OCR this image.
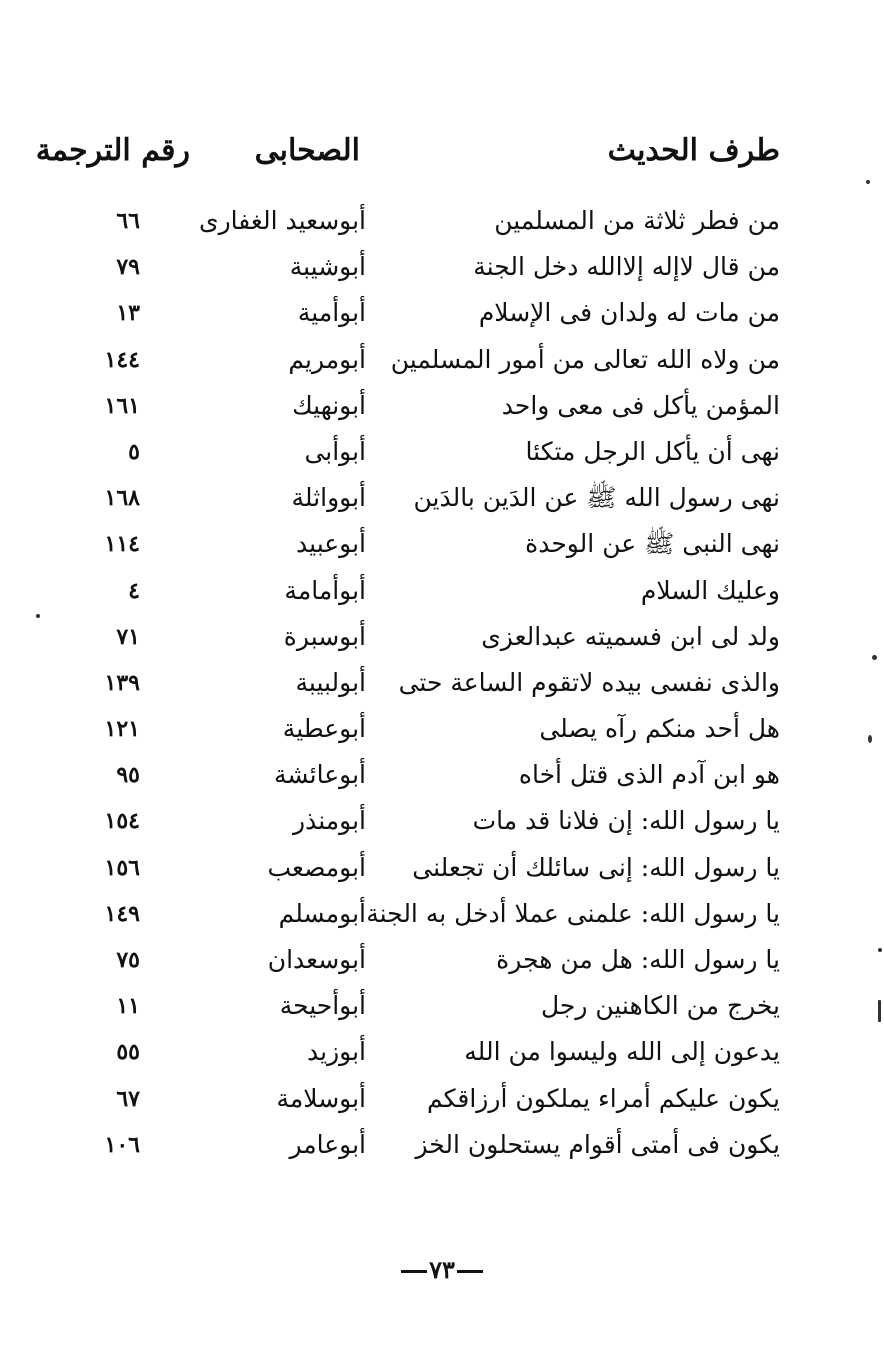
طرف الحديث
الصحابى
رقم الترجمة
من فطر ثلاثة من المسلمين
أبوسعيد الغفارى
٦٦
من قال لاإله إلاالله دخل الجنة
أبوشيبة
٧٩
من مات له ولدان فى الإسلام
أبوأمية
١٣
من ولاه الله تعالى من أمور المسلمين
أبومريم
١٤٤
المؤمن يأكل فى معى واحد
أبونهيك
١٦١
نهى أن يأكل الرجل متكئا
أبوأبى
٥
نهى رسول الله ﷺ عن الدَين بالدَين
أبوواثلة
١٦٨
نهى النبى ﷺ عن الوحدة
أبوعبيد
١١٤
وعليك السلام
أبوأمامة
٤
ولد لى ابن فسميته عبدالعزى
أبوسبرة
٧١
والذى نفسى بيده لاتقوم الساعة حتى
أبولبيبة
١٣٩
هل أحد منكم رآه يصلى
أبوعطية
١٢١
هو ابن آدم الذى قتل أخاه
أبوعائشة
٩٥
يا رسول الله: إن فلانا قد مات
أبومنذر
١٥٤
يا رسول الله: إنى سائلك أن تجعلنى
أبومصعب
١٥٦
يا رسول الله: علمنى عملا أدخل به الجنة
أبومسلم
١٤٩
يا رسول الله: هل من هجرة
أبوسعدان
٧٥
يخرج من الكاهنين رجل
أبوأحيحة
١١
يدعون إلى الله وليسوا من الله
أبوزيد
٥٥
يكون عليكم أمراء يملكون أرزاقكم
أبوسلامة
٦٧
يكون فى أمتى أقوام يستحلون الخز
أبوعامر
١٠٦
٧٣
